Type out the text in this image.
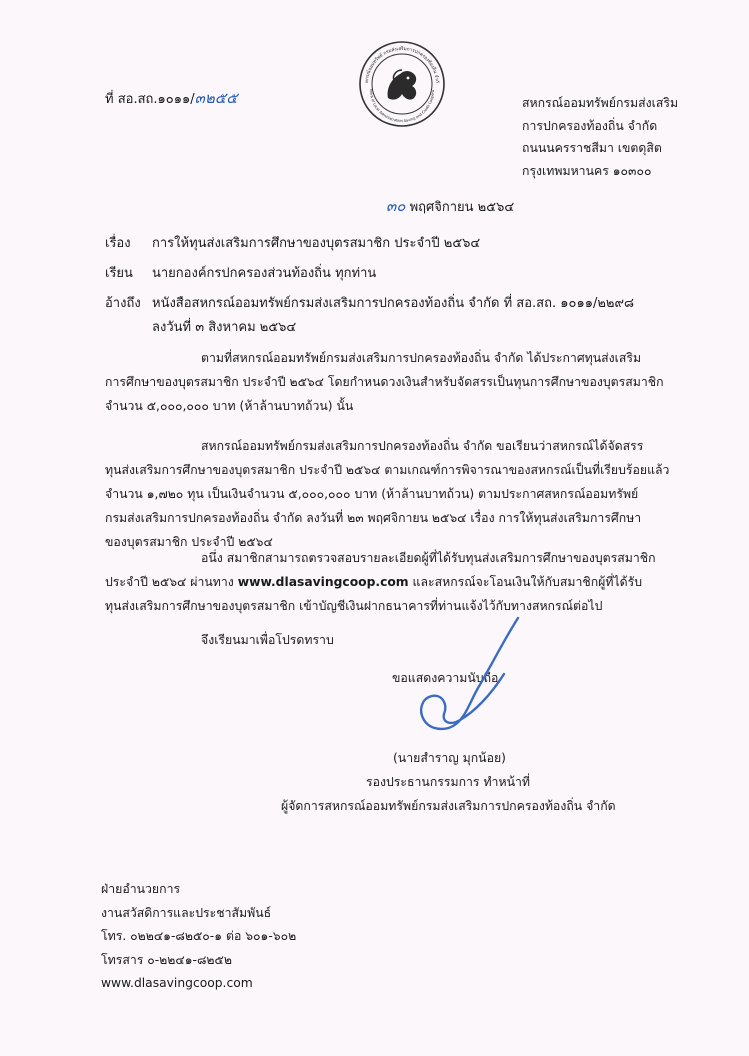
หกรณ์ออมทรัพย์ กรมส่งเสริมการปกครองท้องถิ่น จำกั
ment of Local Administration Saving and Credit Coopera
ที่ สอ.สถ.๑๐๑๑/๓๒๕๕	สหกรณ์ออมทรัพย์กรมส่งเสริม
การปกครองท้องถิ่น จำกัด
ถนนนครราชสีมา เขตดุสิต
กรุงเทพมหานคร ๑๐๓๐๐
๓๐ พฤศจิกายน ๒๕๖๔
เรื่อง การให้ทุนส่งเสริมการศึกษาของบุตรสมาชิก ประจำปี ๒๕๖๔
เรียน นายกองค์กรปกครองส่วนท้องถิ่น ทุกท่าน
อ้างถึง หนังสือสหกรณ์ออมทรัพย์กรมส่งเสริมการปกครองท้องถิ่น จำกัด ที่ สอ.สถ. ๑๐๑๑/๒๒๙๘
ลงวันที่ ๓ สิงหาคม ๒๕๖๔
ตามที่สหกรณ์ออมทรัพย์กรมส่งเสริมการปกครองท้องถิ่น จำกัด ได้ประกาศทุนส่งเสริม
การศึกษาของบุตรสมาชิก ประจำปี ๒๕๖๔ โดยกำหนดวงเงินสำหรับจัดสรรเป็นทุนการศึกษาของบุตรสมาชิก
จำนวน ๕,๐๐๐,๐๐๐ บาท (ห้าล้านบาทถ้วน) นั้น
สหกรณ์ออมทรัพย์กรมส่งเสริมการปกครองท้องถิ่น จำกัด ขอเรียนว่าสหกรณ์ได้จัดสรร
ทุนส่งเสริมการศึกษาของบุตรสมาชิก ประจำปี ๒๕๖๔ ตามเกณฑ์การพิจารณาของสหกรณ์เป็นที่เรียบร้อยแล้ว
จำนวน ๑,๗๒๐ ทุน เป็นเงินจำนวน ๕,๐๐๐,๐๐๐ บาท (ห้าล้านบาทถ้วน) ตามประกาศสหกรณ์ออมทรัพย์
กรมส่งเสริมการปกครองท้องถิ่น จำกัด ลงวันที่ ๒๓ พฤศจิกายน ๒๕๖๔ เรื่อง การให้ทุนส่งเสริมการศึกษา
ของบุตรสมาชิก ประจำปี ๒๕๖๔
อนึ่ง สมาชิกสามารถตรวจสอบรายละเอียดผู้ที่ได้รับทุนส่งเสริมการศึกษาของบุตรสมาชิก
ประจำปี ๒๕๖๔ ผ่านทาง www.dlasavingcoop.com และสหกรณ์จะโอนเงินให้กับสมาชิกผู้ที่ได้รับ
ทุนส่งเสริมการศึกษาของบุตรสมาชิก เข้าบัญชีเงินฝากธนาคารที่ท่านแจ้งไว้กับทางสหกรณ์ต่อไป
จึงเรียนมาเพื่อโปรดทราบ
ขอแสดงความนับถือ
(นายสำราญ มุกน้อย)
รองประธานกรรมการ ทำหน้าที่
ผู้จัดการสหกรณ์ออมทรัพย์กรมส่งเสริมการปกครองท้องถิ่น จำกัด
ฝ่ายอำนวยการ
งานสวัสดิการและประชาสัมพันธ์
โทร. ๐๒๒๔๑-๘๒๕๐-๑ ต่อ ๖๐๑-๖๐๒
โทรสาร ๐-๒๒๔๑-๘๒๕๒
www.dlasavingcoop.com
